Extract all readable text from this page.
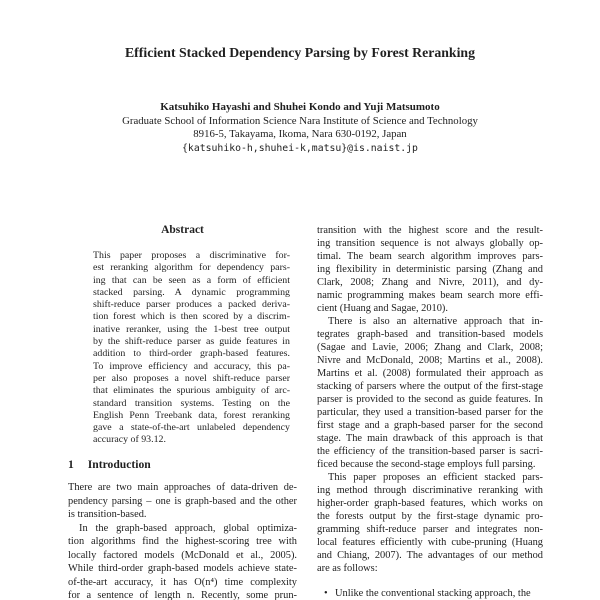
Efficient Stacked Dependency Parsing by Forest Reranking
Katsuhiko Hayashi and Shuhei Kondo and Yuji Matsumoto
Graduate School of Information Science Nara Institute of Science and Technology
8916-5, Takayama, Ikoma, Nara 630-0192, Japan
{katsuhiko-h,shuhei-k,matsu}@is.naist.jp
Abstract
This paper proposes a discriminative for-
est reranking algorithm for dependency pars-
ing that can be seen as a form of efficient
stacked parsing. A dynamic programming
shift-reduce parser produces a packed deriva-
tion forest which is then scored by a discrim-
inative reranker, using the 1-best tree output
by the shift-reduce parser as guide features in
addition to third-order graph-based features.
To improve efficiency and accuracy, this pa-
per also proposes a novel shift-reduce parser
that eliminates the spurious ambiguity of arc-
standard transition systems. Testing on the
English Penn Treebank data, forest reranking
gave a state-of-the-art unlabeled dependency
accuracy of 93.12.
1 Introduction
There are two main approaches of data-driven de-
pendency parsing – one is graph-based and the other
is transition-based.
In the graph-based approach, global optimiza-
tion algorithms find the highest-scoring tree with
locally factored models (McDonald et al., 2005).
While third-order graph-based models achieve state-
of-the-art accuracy, it has O(n⁴) time complexity
for a sentence of length n. Recently, some prun-
transition with the highest score and the result-
ing transition sequence is not always globally op-
timal. The beam search algorithm improves pars-
ing flexibility in deterministic parsing (Zhang and
Clark, 2008; Zhang and Nivre, 2011), and dy-
namic programming makes beam search more effi-
cient (Huang and Sagae, 2010).
There is also an alternative approach that in-
tegrates graph-based and transition-based models
(Sagae and Lavie, 2006; Zhang and Clark, 2008;
Nivre and McDonald, 2008; Martins et al., 2008).
Martins et al. (2008) formulated their approach as
stacking of parsers where the output of the first-stage
parser is provided to the second as guide features. In
particular, they used a transition-based parser for the
first stage and a graph-based parser for the second
stage. The main drawback of this approach is that
the efficiency of the transition-based parser is sacri-
ficed because the second-stage employs full parsing.
This paper proposes an efficient stacked pars-
ing method through discriminative reranking with
higher-order graph-based features, which works on
the forests output by the first-stage dynamic pro-
gramming shift-reduce parser and integrates non-
local features efficiently with cube-pruning (Huang
and Chiang, 2007). The advantages of our method
are as follows:
• Unlike the conventional stacking approach, the
